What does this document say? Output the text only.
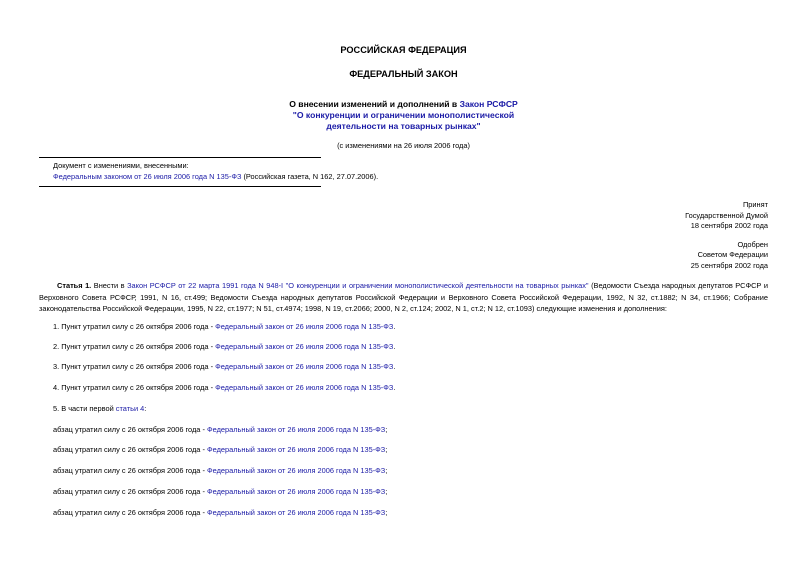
РОССИЙСКАЯ ФЕДЕРАЦИЯ
ФЕДЕРАЛЬНЫЙ ЗАКОН
О внесении изменений и дополнений в Закон РСФСР
"О конкуренции и ограничении монополистической
деятельности на товарных рынках"
(с изменениями на 26 июля 2006 года)
Документ с изменениями, внесенными:
Федеральным законом от 26 июля 2006 года N 135-ФЗ (Российская газета, N 162, 27.07.2006).
Принят
Государственной Думой
18 сентября 2002 года
Одобрен
Советом Федерации
25 сентября 2002 года
Статья 1. Внести в Закон РСФСР от 22 марта 1991 года N 948-I "О конкуренции и ограничении монополистической деятельности на товарных рынках" (Ведомости Съезда народных депутатов РСФСР и Верховного Совета РСФСР, 1991, N 16, ст.499; Ведомости Съезда народных депутатов Российской Федерации и Верховного Совета Российской Федерации, 1992, N 32, ст.1882; N 34, ст.1966; Собрание законодательства Российской Федерации, 1995, N 22, ст.1977; N 51, ст.4974; 1998, N 19, ст.2066; 2000, N 2, ст.124; 2002, N 1, ст.2; N 12, ст.1093) следующие изменения и дополнения:
1. Пункт утратил силу с 26 октября 2006 года - Федеральный закон от 26 июля 2006 года N 135-ФЗ.
2. Пункт утратил силу с 26 октября 2006 года - Федеральный закон от 26 июля 2006 года N 135-ФЗ.
3. Пункт утратил силу с 26 октября 2006 года - Федеральный закон от 26 июля 2006 года N 135-ФЗ.
4. Пункт утратил силу с 26 октября 2006 года - Федеральный закон от 26 июля 2006 года N 135-ФЗ.
5. В части первой статьи 4:
абзац утратил силу с 26 октября 2006 года - Федеральный закон от 26 июля 2006 года N 135-ФЗ;
абзац утратил силу с 26 октября 2006 года - Федеральный закон от 26 июля 2006 года N 135-ФЗ;
абзац утратил силу с 26 октября 2006 года - Федеральный закон от 26 июля 2006 года N 135-ФЗ;
абзац утратил силу с 26 октября 2006 года - Федеральный закон от 26 июля 2006 года N 135-ФЗ;
абзац утратил силу с 26 октября 2006 года - Федеральный закон от 26 июля 2006 года N 135-ФЗ;
